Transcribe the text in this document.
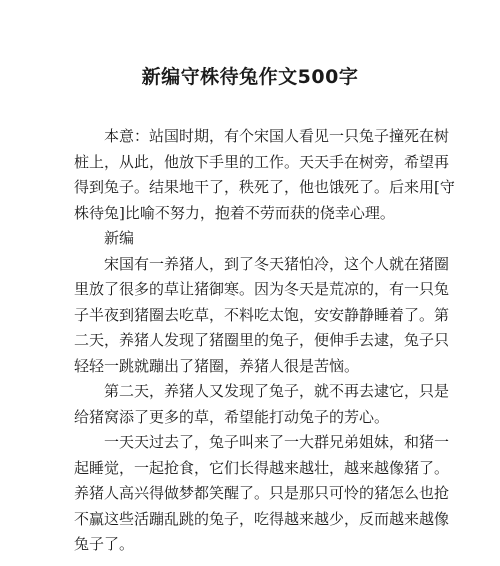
新编守株待兔作文500字

本意：站国时期，有个宋国人看见一只兔子撞死在树
桩上，从此，他放下手里的工作。天天手在树旁，希望再
得到兔子。结果地干了，秩死了，他也饿死了。后来用[守
株待兔]比喻不努力，抱着不劳而获的侥幸心理。

新编

宋国有一养猪人，到了冬天猪怕冷，这个人就在猪圈
里放了很多的草让猪御寒。因为冬天是荒凉的，有一只兔
子半夜到猪圈去吃草，不料吃太饱，安安静静睡着了。第
二天，养猪人发现了猪圈里的兔子，便伸手去逮，兔子只
轻轻一跳就蹦出了猪圈，养猪人很是苦恼。

第二天，养猪人又发现了兔子，就不再去逮它，只是
给猪窝添了更多的草，希望能打动兔子的芳心。

一天天过去了，兔子叫来了一大群兄弟姐妹，和猪一
起睡觉，一起抢食，它们长得越来越壮，越来越像猪了。
养猪人高兴得做梦都笑醒了。只是那只可怜的猪怎么也抢
不赢这些活蹦乱跳的兔子，吃得越来越少，反而越来越像
兔子了。
